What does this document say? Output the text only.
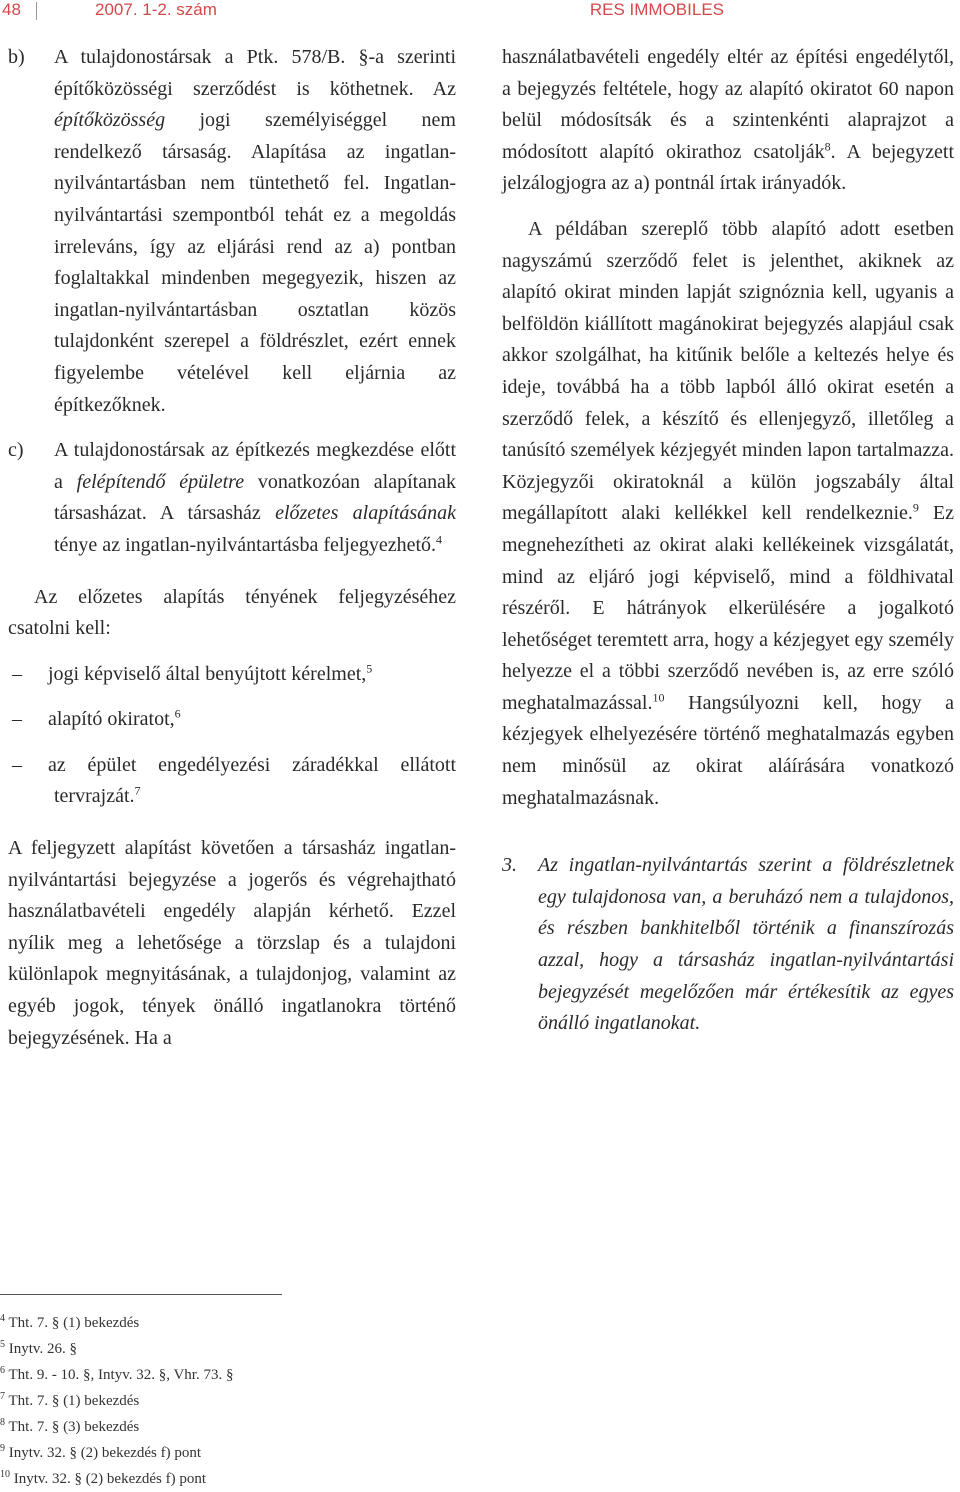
48	2007. 1-2. szám	RES IMMOBILES

b) A tulajdonostársak a Ptk. 578/B. §-a szerinti építőközösségi szerződést is köthetnek. Az építőközösség jogi személyiséggel nem rendelkező társaság. Alapítása az ingatlan-nyilvántartásban nem tüntethető fel. Ingatlan-nyilvántartási szempontból tehát ez a megoldás irreleváns, így az eljárási rend az a) pontban foglaltakkal mindenben megegyezik, hiszen az ingatlan-nyilvántartásban osztatlan közös tulajdonként szerepel a földrészlet, ezért ennek figyelembe vételével kell eljárnia az építkezőknek.

c) A tulajdonostársak az építkezés megkezdése előtt a felépítendő épületre vonatkozóan alapítanak társasházat. A társasház előzetes alapításának ténye az ingatlan-nyilvántartásba feljegyezhető.$^4$

Az előzetes alapítás tényének feljegyzéséhez csatolni kell:

– jogi képviselő által benyújtott kérelmet,$^5$

– alapító okiratot,$^6$

– az épület engedélyezési záradékkal ellátott tervrajzát.$^7$

A feljegyzett alapítást követően a társasház ingatlan-nyilvántartási bejegyzése a jogerős és végrehajtható használatbavételi engedély alapján kérhető. Ezzel nyílik meg a lehetősége a törzslap és a tulajdoni különlapok megnyitásának, a tulajdonjog, valamint az egyéb jogok, tények önálló ingatlanokra történő bejegyzésének. Ha a

használatbavételi engedély eltér az építési engedélytől, a bejegyzés feltétele, hogy az alapító okiratot 60 napon belül módosítsák és a szintenkénti alaprajzot a módosított alapító okirathoz csatolják$^8$. A bejegyzett jelzálogjogra az a) pontnál írtak irányadók.

A példában szereplő több alapító adott esetben nagyszámú szerződő felet is jelenthet, akiknek az alapító okirat minden lapját szignóznia kell, ugyanis a belföldön kiállított magánokirat bejegyzés alapjául csak akkor szolgálhat, ha kitűnik belőle a keltezés helye és ideje, továbbá ha a több lapból álló okirat esetén a szerződő felek, a készítő és ellenjegyző, illetőleg a tanúsító személyek kézjegyét minden lapon tartalmazza. Közjegyzői okiratoknál a külön jogszabály által megállapított alaki kellékkel kell rendelkeznie.$^9$ Ez megnehezítheti az okirat alaki kellékeinek vizsgálatát, mind az eljáró jogi képviselő, mind a földhivatal részéről. E hátrányok elkerülésére a jogalkotó lehetőséget teremtett arra, hogy a kézjegyet egy személy helyezze el a többi szerződő nevében is, az erre szóló meghatalmazással.$^{10}$ Hangsúlyozni kell, hogy a kézjegyek elhelyezésére történő meghatalmazás egyben nem minősül az okirat aláírására vonatkozó meghatalmazásnak.

3. Az ingatlan-nyilvántartás szerint a földrészletnek egy tulajdonosa van, a beruházó nem a tulajdonos, és részben bankhitelből történik a finanszírozás azzal, hogy a társasház ingatlan-nyilvántartási bejegyzését megelőzően már értékesítik az egyes önálló ingatlanokat.

$^4$ Tht. 7. § (1) bekezdés
$^5$ Inytv. 26. §
$^6$ Tht. 9. - 10. §, Intyv. 32. §, Vhr. 73. §
$^7$ Tht. 7. § (1) bekezdés
$^8$ Tht. 7. § (3) bekezdés
$^9$ Inytv. 32. § (2) bekezdés f) pont
$^{10}$ Inytv. 32. § (2) bekezdés f) pont
